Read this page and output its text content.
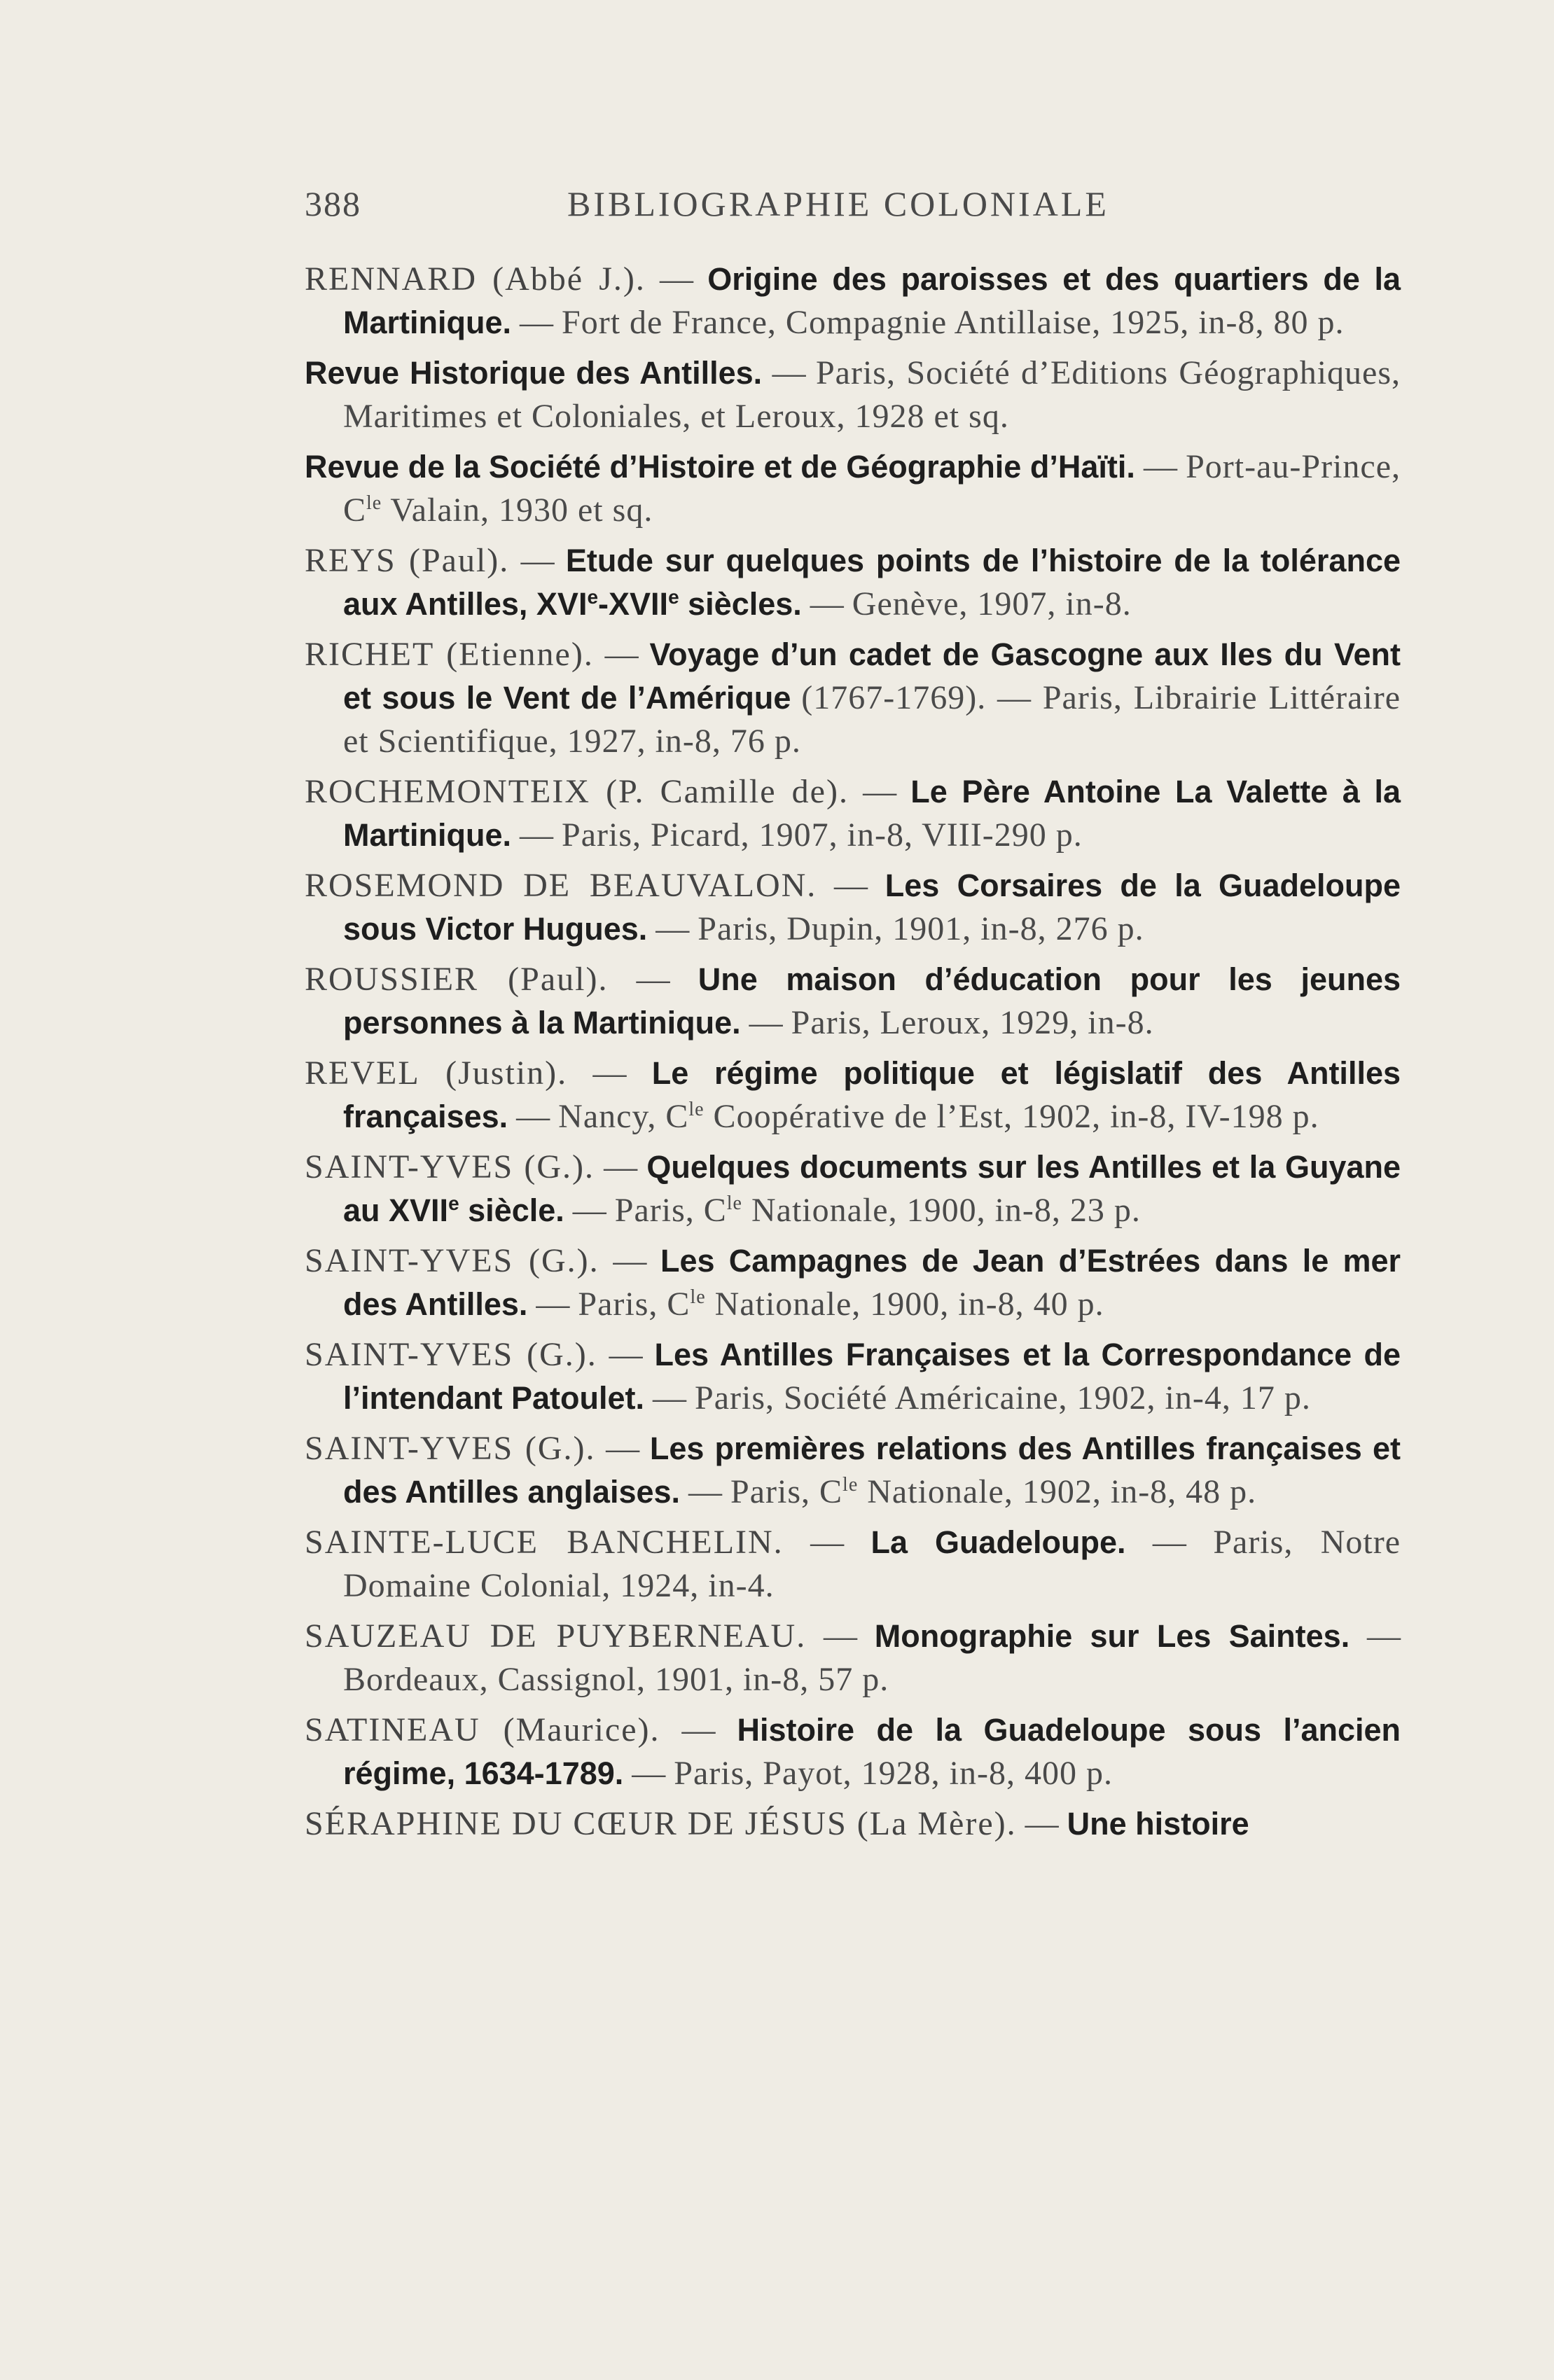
388	BIBLIOGRAPHIE COLONIALE
RENNARD (Abbé J.). — Origine des paroisses et des quartiers de la Martinique. — Fort de France, Compagnie Antillaise, 1925, in-8, 80 p.
Revue Historique des Antilles. — Paris, Société d’Editions Géographiques, Maritimes et Coloniales, et Leroux, 1928 et sq.
Revue de la Société d’Histoire et de Géographie d’Haïti. — Port-au-Prince, $C^{le}$ Valain, 1930 et sq.
REYS (Paul). — Etude sur quelques points de l’histoire de la tolérance aux Antilles, XVIe-XVIIe siècles. — Genève, 1907, in-8.
RICHET (Etienne). — Voyage d’un cadet de Gascogne aux Iles du Vent et sous le Vent de l’Amérique (1767-1769). — Paris, Librairie Littéraire et Scientifique, 1927, in-8, 76 p.
ROCHEMONTEIX (P. Camille de). — Le Père Antoine La Valette à la Martinique. — Paris, Picard, 1907, in-8, VIII-290 p.
ROSEMOND DE BEAUVALON. — Les Corsaires de la Guadeloupe sous Victor Hugues. — Paris, Dupin, 1901, in-8, 276 p.
ROUSSIER (Paul). — Une maison d’éducation pour les jeunes personnes à la Martinique. — Paris, Leroux, 1929, in-8.
REVEL (Justin). — Le régime politique et législatif des Antilles françaises. — Nancy, $C^{le}$ Coopérative de l’Est, 1902, in-8, IV-198 p.
SAINT-YVES (G.). — Quelques documents sur les Antilles et la Guyane au XVIIe siècle. — Paris, $C^{le}$ Nationale, 1900, in-8, 23 p.
SAINT-YVES (G.). — Les Campagnes de Jean d’Estrées dans le mer des Antilles. — Paris, $C^{le}$ Nationale, 1900, in-8, 40 p.
SAINT-YVES (G.). — Les Antilles Françaises et la Correspondance de l’intendant Patoulet. — Paris, Société Américaine, 1902, in-4, 17 p.
SAINT-YVES (G.). — Les premières relations des Antilles françaises et des Antilles anglaises. — Paris, $C^{le}$ Nationale, 1902, in-8, 48 p.
SAINTE-LUCE BANCHELIN. — La Guadeloupe. — Paris, Notre Domaine Colonial, 1924, in-4.
SAUZEAU DE PUYBERNEAU. — Monographie sur Les Saintes. — Bordeaux, Cassignol, 1901, in-8, 57 p.
SATINEAU (Maurice). — Histoire de la Guadeloupe sous l’ancien régime, 1634-1789. — Paris, Payot, 1928, in-8, 400 p.
SÉRAPHINE DU CŒUR DE JÉSUS (La Mère). — Une histoire
